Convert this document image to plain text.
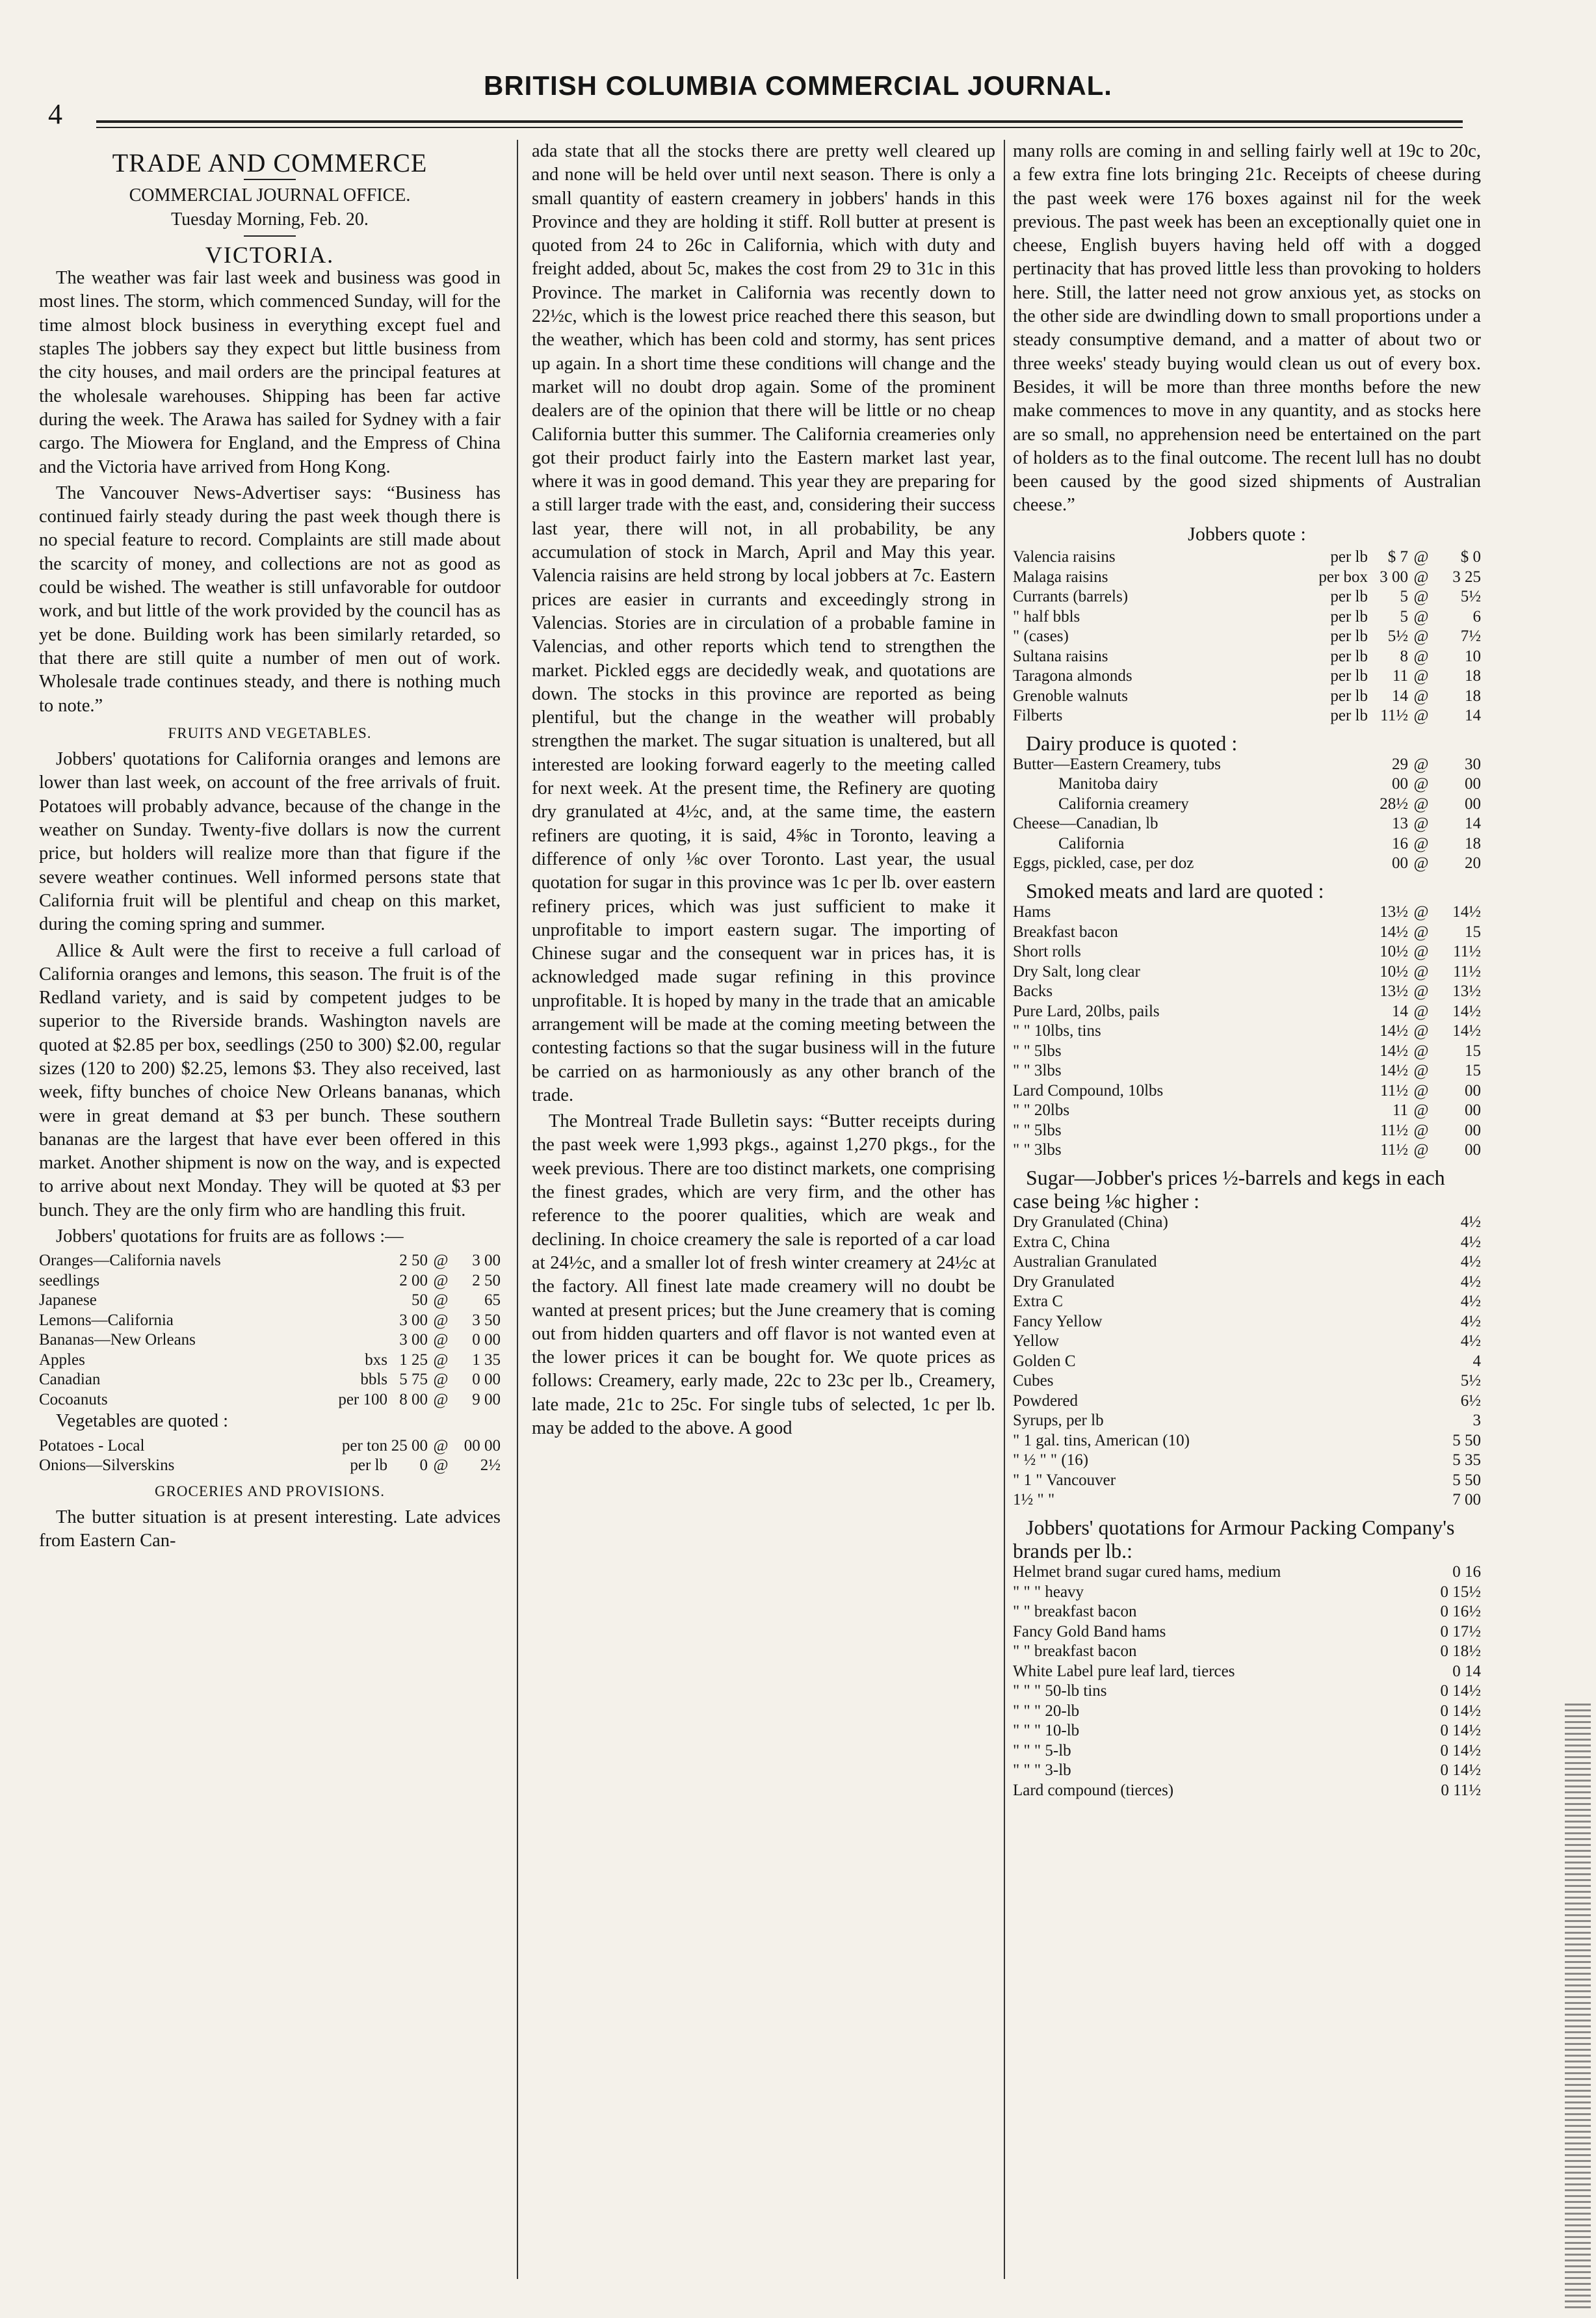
4
BRITISH COLUMBIA COMMERCIAL JOURNAL.
TRADE AND COMMERCE
COMMERCIAL JOURNAL OFFICE.
Tuesday Morning, Feb. 20.
VICTORIA.

The weather was fair last week and business was good in most lines. The storm, which commenced Sunday, will for the time almost block business in everything except fuel and staples The jobbers say they expect but little business from the city houses, and mail orders are the principal features at the wholesale warehouses. Shipping has been far active during the week. The Arawa has sailed for Sydney with a fair cargo. The Miowera for England, and the Empress of China and the Victoria have arrived from Hong Kong.

The Vancouver News-Advertiser says: “Business has continued fairly steady during the past week though there is no special feature to record. Complaints are still made about the scarcity of money, and collections are not as good as could be wished. The weather is still unfavorable for outdoor work, and but little of the work provided by the council has as yet be done. Building work has been similarly retarded, so that there are still quite a number of men out of work. Wholesale trade continues steady, and there is nothing much to note.”

FRUITS AND VEGETABLES.

Jobbers' quotations for California oranges and lemons are lower than last week, on account of the free arrivals of fruit. Potatoes will probably advance, because of the change in the weather on Sunday. Twenty-five dollars is now the current price, but holders will realize more than that figure if the severe weather continues. Well informed persons state that California fruit will be plentiful and cheap on this market, during the coming spring and summer.

Allice & Ault were the first to receive a full carload of California oranges and lemons, this season. The fruit is of the Redland variety, and is said by competent judges to be superior to the Riverside brands. Washington navels are quoted at $2.85 per box, seedlings (250 to 300) $2.00, regular sizes (120 to 200) $2.25, lemons $3. They also received, last week, fifty bunches of choice New Orleans bananas, which were in great demand at $3 per bunch. These southern bananas are the largest that have ever been offered in this market. Another shipment is now on the way, and is expected to arrive about next Monday. They will be quoted at $3 per bunch. They are the only firm who are handling this fruit.

Jobbers' quotations for fruits are as follows :—

Oranges—California navels		2 50	@	3 00
seedlings		2 00	@	2 50
Japanese		50	@	65
Lemons—California		3 00	@	3 50
Bananas—New Orleans		3 00	@	0 00
Apples	bxs	1 25	@	1 35
Canadian	bbls	5 75	@	0 00
Cocoanuts	per 100	8 00	@	9 00

Vegetables are quoted :

Potatoes - Local	per ton	25 00	@	00 00
Onions—Silverskins	per lb	0	@	2½
GROCERIES AND PROVISIONS.

The butter situation is at present interesting. Late advices from Eastern Can-

ada state that all the stocks there are pretty well cleared up and none will be held over until next season. There is only a small quantity of eastern creamery in jobbers' hands in this Province and they are holding it stiff. Roll butter at present is quoted from 24 to 26c in California, which with duty and freight added, about 5c, makes the cost from 29 to 31c in this Province. The market in California was recently down to 22½c, which is the lowest price reached there this season, but the weather, which has been cold and stormy, has sent prices up again. In a short time these conditions will change and the market will no doubt drop again. Some of the prominent dealers are of the opinion that there will be little or no cheap California butter this summer. The California creameries only got their product fairly into the Eastern market last year, where it was in good demand. This year they are preparing for a still larger trade with the east, and, considering their success last year, there will not, in all probability, be any accumulation of stock in March, April and May this year. Valencia raisins are held strong by local jobbers at 7c. Eastern prices are easier in currants and exceedingly strong in Valencias. Stories are in circulation of a probable famine in Valencias, and other reports which tend to strengthen the market. Pickled eggs are decidedly weak, and quotations are down. The stocks in this province are reported as being plentiful, but the change in the weather will probably strengthen the market. The sugar situation is unaltered, but all interested are looking forward eagerly to the meeting called for next week. At the present time, the Refinery are quoting dry granulated at 4½c, and, at the same time, the eastern refiners are quoting, it is said, 4⅝c in Toronto, leaving a difference of only ⅛c over Toronto. Last year, the usual quotation for sugar in this province was 1c per lb. over eastern refinery prices, which was just sufficient to make it unprofitable to import eastern sugar. The importing of Chinese sugar and the consequent war in prices has, it is acknowledged made sugar refining in this province unprofitable. It is hoped by many in the trade that an amicable arrangement will be made at the coming meeting between the contesting factions so that the sugar business will in the future be carried on as harmoniously as any other branch of the trade.

The Montreal Trade Bulletin says: “Butter receipts during the past week were 1,993 pkgs., against 1,270 pkgs., for the week previous. There are too distinct markets, one comprising the finest grades, which are very firm, and the other has reference to the poorer qualities, which are weak and declining. In choice creamery the sale is reported of a car load at 24½c, and a smaller lot of fresh winter creamery at 24½c at the factory. All finest late made creamery will no doubt be wanted at present prices; but the June creamery that is coming out from hidden quarters and off flavor is not wanted even at the lower prices it can be bought for. We quote prices as follows: Creamery, early made, 22c to 23c per lb., Creamery, late made, 21c to 25c. For single tubs of selected, 1c per lb. may be added to the above. A good

many rolls are coming in and selling fairly well at 19c to 20c, a few extra fine lots bringing 21c. Receipts of cheese during the past week were 176 boxes against nil for the week previous. The past week has been an exceptionally quiet one in cheese, English buyers having held off with a dogged pertinacity that has proved little less than provoking to holders here. Still, the latter need not grow anxious yet, as stocks on the other side are dwindling down to small proportions under a steady consumptive demand, and a matter of about two or three weeks' steady buying would clean us out of every box. Besides, it will be more than three months before the new make commences to move in any quantity, and as stocks here are so small, no apprehension need be entertained on the part of holders as to the final outcome. The recent lull has no doubt been caused by the good sized shipments of Australian cheese.”

Jobbers quote :
Valencia raisins	per lb	$ 7	@	$ 0
Malaga raisins	per box	3 00	@	3 25
Currants (barrels)	per lb	5	@	5½
" half bbls	per lb	5	@	6
" (cases)	per lb	5½	@	7½
Sultana raisins	per lb	8	@	10
Taragona almonds	per lb	11	@	18
Grenoble walnuts	per lb	14	@	18
Filberts	per lb	11½	@	14
Dairy produce is quoted :
Butter—Eastern Creamery, tubs	29	@	30
Manitoba dairy	00	@	00
California creamery	28½	@	00
Cheese—Canadian, lb	13	@	14
California	16	@	18
Eggs, pickled, case, per doz	00	@	20
Smoked meats and lard are quoted :
Hams	13½	@	14½
Breakfast bacon	14½	@	15
Short rolls	10½	@	11½
Dry Salt, long clear	10½	@	11½
Backs	13½	@	13½
Pure Lard, 20lbs, pails	14	@	14½
" " 10lbs, tins	14½	@	14½
" " 5lbs	14½	@	15
" " 3lbs	14½	@	15
Lard Compound, 10lbs	11½	@	00
" " 20lbs	11	@	00
" " 5lbs	11½	@	00
" " 3lbs	11½	@	00
Sugar—Jobber's prices ½-barrels and kegs in each case being ⅛c higher :
Dry Granulated (China)	4½
Extra C, China	4½
Australian Granulated	4½
Dry Granulated	4½
Extra C	4½
Fancy Yellow	4½
Yellow	4½
Golden C	4
Cubes	5½
Powdered	6½
Syrups, per lb	3
" 1 gal. tins, American (10)	5 50
" ½ " " (16)	5 35
" 1 " Vancouver	5 50
1½ " "	7 00
Jobbers' quotations for Armour Packing Company's brands per lb.:
Helmet brand sugar cured hams, medium	0 16
" " " heavy	0 15½
" " breakfast bacon	0 16½
Fancy Gold Band hams	0 17½
" " breakfast bacon	0 18½
White Label pure leaf lard, tierces	0 14
" " " 50-lb tins	0 14½
" " " 20-lb	0 14½
" " " 10-lb	0 14½
" " " 5-lb	0 14½
" " " 3-lb	0 14½
Lard compound (tierces)	0 11½
